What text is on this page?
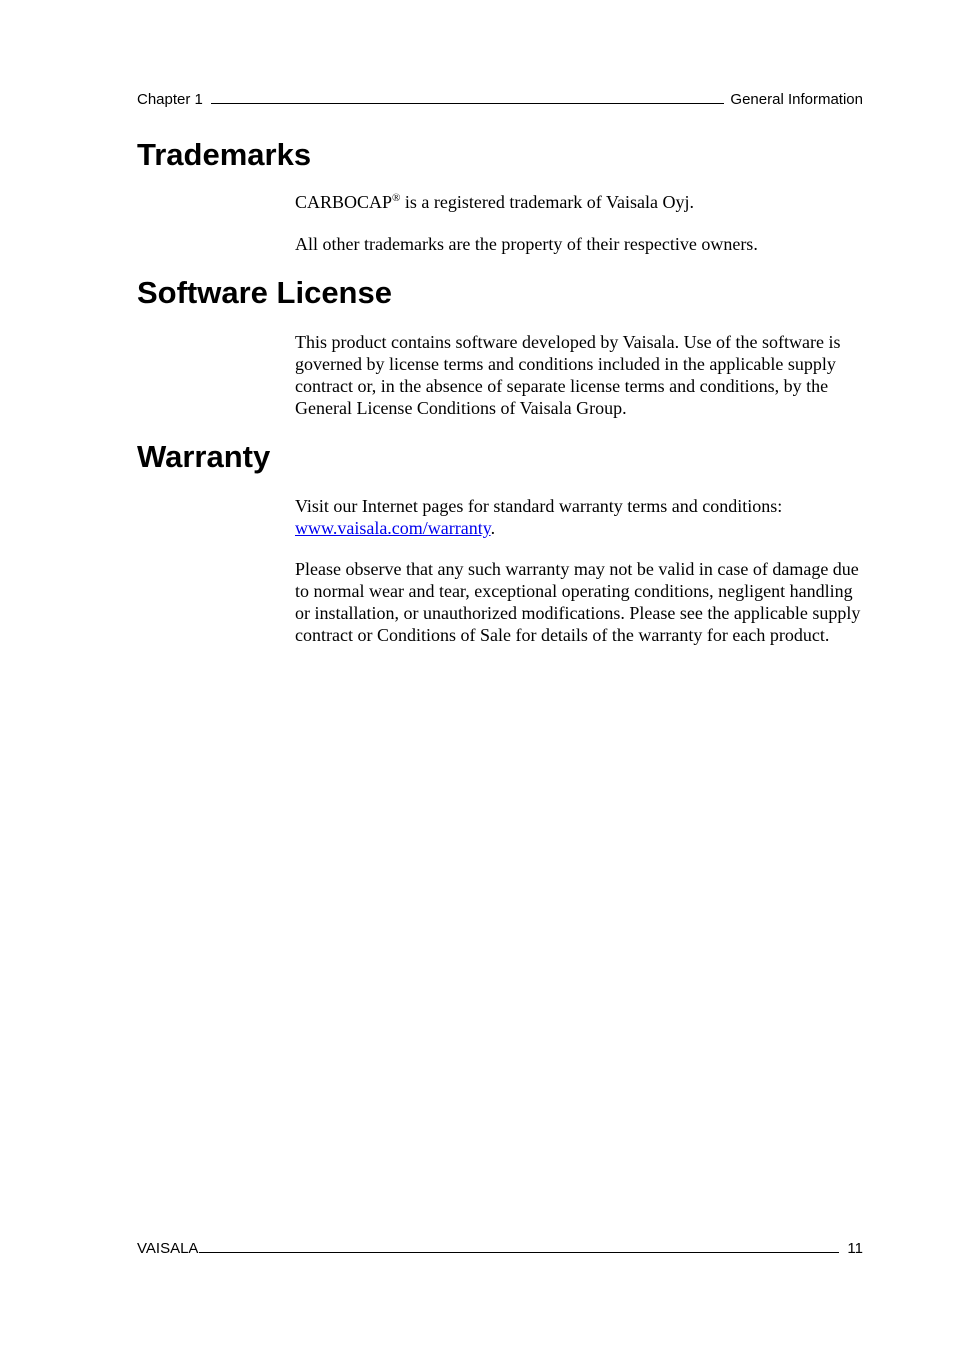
Chapter 1	General Information
Trademarks

CARBOCAP® is a registered trademark of Vaisala Oyj.

All other trademarks are the property of their respective owners.

Software License

This product contains software developed by Vaisala. Use of the software is governed by license terms and conditions included in the applicable supply contract or, in the absence of separate license terms and conditions, by the General License Conditions of Vaisala Group.

Warranty

Visit our Internet pages for standard warranty terms and conditions: www.vaisala.com/warranty.

Please observe that any such warranty may not be valid in case of damage due to normal wear and tear, exceptional operating conditions, negligent handling or installation, or unauthorized modifications. Please see the applicable supply contract or Conditions of Sale for details of the warranty for each product.

VAISALA	11
